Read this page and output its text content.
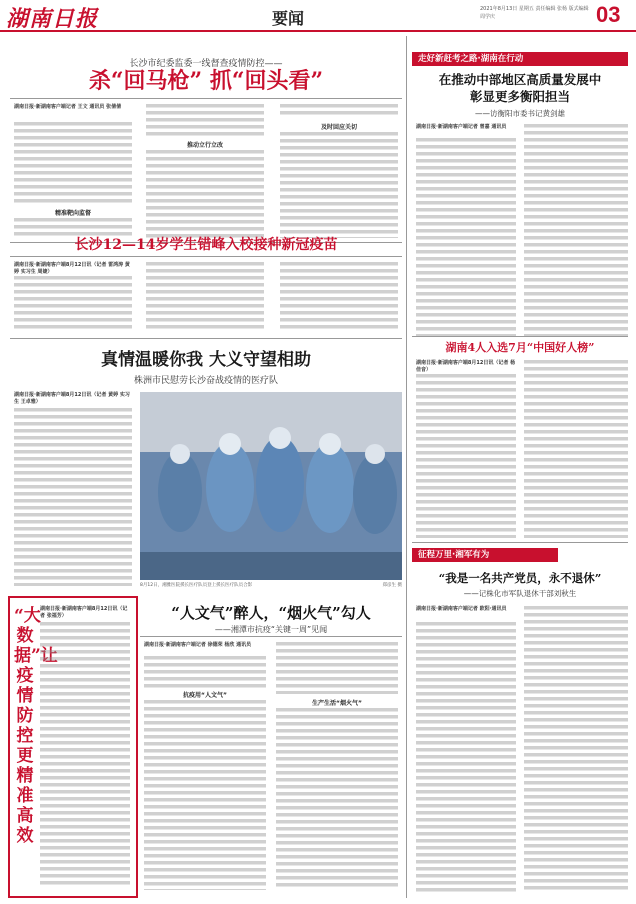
湖南日报	要闻	2021年8月13日 星期五 责任编辑 张杨 版式编辑 周学庆	03
长沙市纪委监委一线督查疫情防控——
杀“回马枪” 抓“回头看”
湖南日报·新湖南客户端记者 王文 通讯员 张倩倩
精准靶向监督
推动立行立改
及时回应关切
长沙12—14岁学生错峰入校接种新冠疫苗
湖南日报·新湖南客户端8月12日讯（记者 雷鸿涛 黄婷 实习生 周婕）
真情温暖你我 大义守望相助
株洲市民慰劳长沙奋战疫情的医疗队
湖南日报·新湖南客户端8月12日讯（记者 黄婷 实习生 王卓雅）
8月12日，湘雅医院援长医疗队员登上援长医疗队员合影	郑彦生 摄
“大数据”让疫情防控更精准高效
湖南日报·新湖南客户端8月12日讯（记者 张福芳）	“人文气”醉人，“烟火气”勾人
——湘潭市抗疫“关键一周”见闻
湖南日报·新湖南客户端记者 徐德荣 杨欣 通讯员
抗疫用“人文气”
生产生活“烟火气”
走好新赶考之路·湖南在行动
在推动中部地区高质量发展中
彰显更多衡阳担当
——访衡阳市委书记黄剑雄
湖南日报·新湖南客户端记者 曾嘉 通讯员
湖南4人入选7月“中国好人榜”
湖南日报·新湖南客户端8月12日讯（记者 杨佳音）
征程万里·湘军有为
“我是一名共产党员，永不退休”
——记株化市军队退休干部刘秋生
湖南日报·新湖南客户端记者 欧阳·通讯员
